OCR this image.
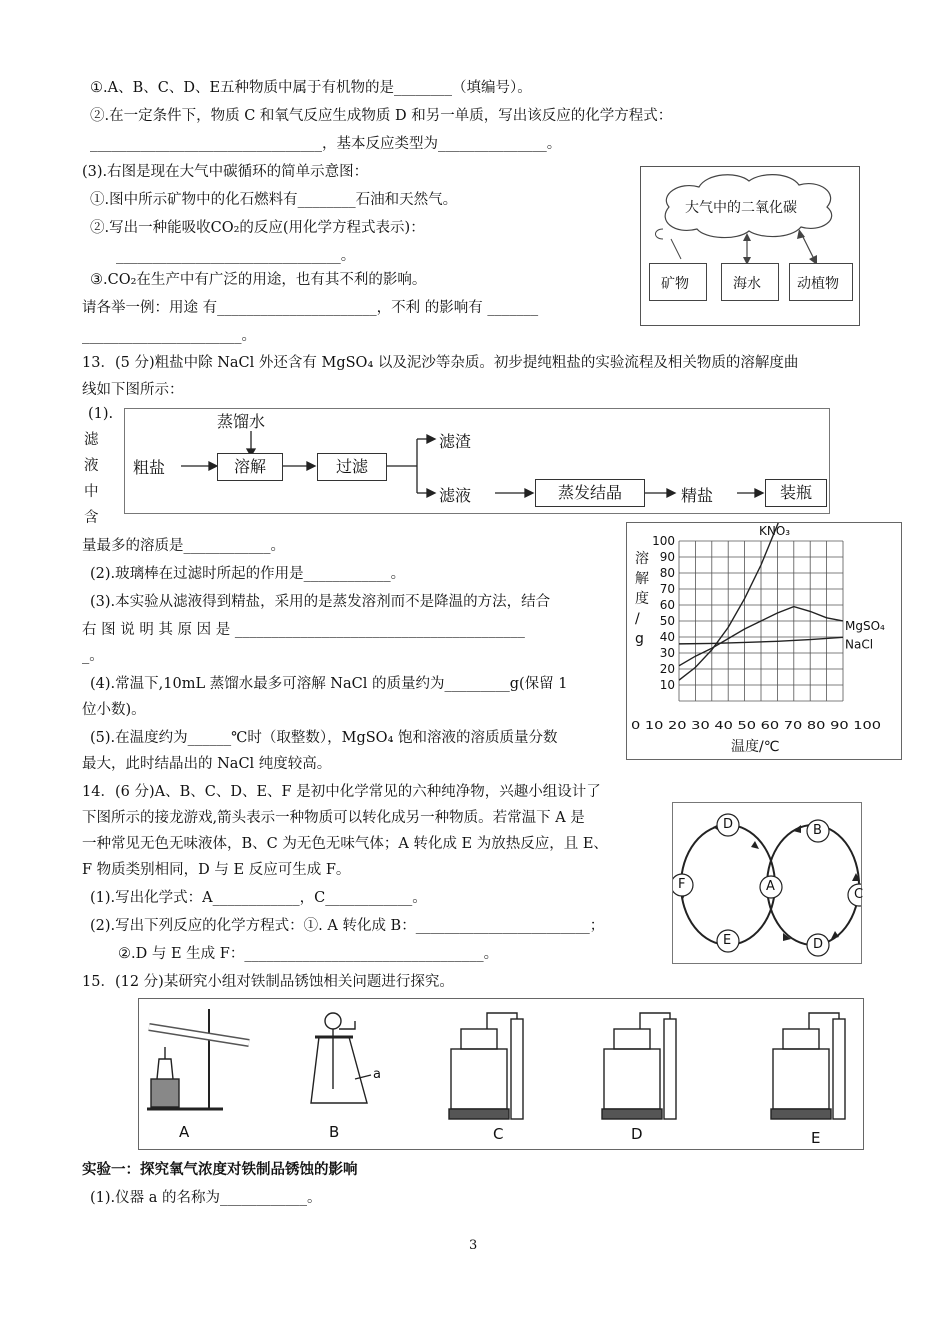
①.A、B、C、D、E五种物质中属于有机物的是________（填编号）。
②.在一定条件下，物质 C 和氧气反应生成物质 D 和另一单质，写出该反应的化学方程式：
________________________________，基本反应类型为_______________。
(3).右图是现在大气中碳循环的简单示意图：
①.图中所示矿物中的化石燃料有________石油和天然气。
②.写出一种能吸收CO₂的反应(用化学方程式表示)：
_______________________________。
③.CO₂在生产中有广泛的用途，也有其不利的影响。
请各举一例：用途 有______________________，不利 的影响有 _______
______________________。
大气中的二氧化碳
矿物	海水	动植物
13．(5 分)粗盐中除 NaCl 外还含有 MgSO₄ 以及泥沙等杂质。初步提纯粗盐的实验流程及相关物质的溶解度曲
线如下图所示：
(1).
滤
液
中
含
蒸馏水
粗盐	溶解	过滤
滤渣
滤液	蒸发结晶	精盐	装瓶
量最多的溶质是____________。
(2).玻璃棒在过滤时所起的作用是____________。
(3).本实验从滤液得到精盐，采用的是蒸发溶剂而不是降温的方法，结合
右 图 说 明 其 原 因 是 ________________________________________
_。
(4).常温下,10mL 蒸馏水最多可溶解 NaCl 的质量约为_________g(保留 1
位小数)。
(5).在温度约为______℃时（取整数），MgSO₄ 饱和溶液的溶质质量分数
最大，此时结晶出的 NaCl 纯度较高。
100
90
80
70
60
50
40
30
20
10
0 10 20 30 40 50 60 70 80 90 100
溶
解
度
/
g
温度/℃
KNO₃
MgSO₄
NaCl
14．(6 分)A、B、C、D、E、F 是初中化学常见的六种纯净物，兴趣小组设计了
下图所示的接龙游戏,箭头表示一种物质可以转化成另一种物质。若常温下 A 是
一种常见无色无味液体，B、C 为无色无味气体；A 转化成 E 为放热反应，且 E、
F 物质类别相同，D 与 E 反应可生成 F。
(1).写出化学式：A____________，C____________。
(2).写出下列反应的化学方程式：①. A 转化成 B：________________________；
②.D 与 E 生成 F：_________________________________。
D
A
B
C
D
E
F
15．(12 分)某研究小组对铁制品锈蚀相关问题进行探究。
a
A	B	C	D	E
实验一：探究氧气浓度对铁制品锈蚀的影响
(1).仪器 a 的名称为____________。
3
